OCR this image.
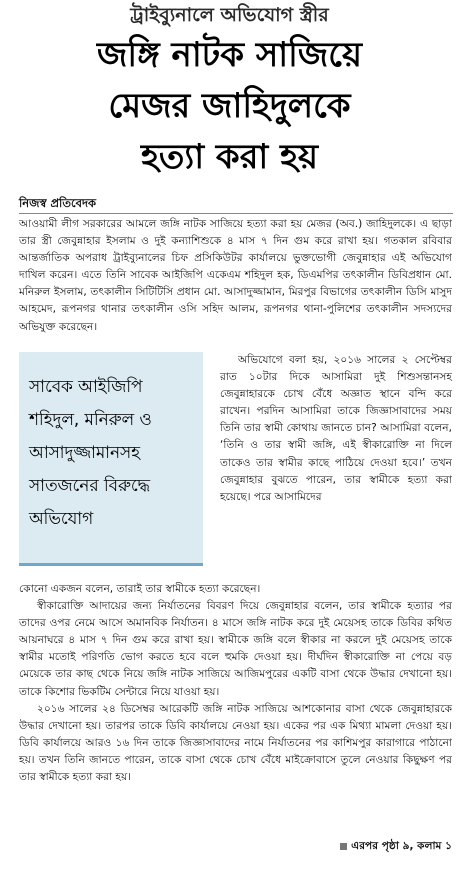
ট্রাইব্যুনালে অভিযোগ স্ত্রীর
জঙ্গি নাটক সাজিয়ে
মেজর জাহিদুলকে
হত্যা করা হয়
নিজস্ব প্রতিবেদক

আওয়ামী লীগ সরকারের আমলে জঙ্গি নাটক সাজিয়ে হত্যা করা হয় মেজর (অব.) জাহিদুলকে। এ ছাড়া তার স্ত্রী জেবুন্নাহার ইসলাম ও দুই কন্যাশিশুকে ৪ মাস ৭ দিন গুম করে রাখা হয়। গতকাল রবিবার আন্তর্জাতিক অপরাধ ট্রাইব্যুনালের চিফ প্রসিকিউটর কার্যালয়ে ভুক্তভোগী জেবুন্নাহার এই অভিযোগ দাখিল করেন। এতে তিনি সাবেক আইজিপি একেএম শহিদুল হক, ডিএমপির তৎকালীন ডিবিপ্রধান মো. মনিরুল ইসলাম, তৎকালীন সিটিটিসি প্রধান মো. আসাদুজ্জামান, মিরপুর বিভাগের তৎকালীন ডিসি মাসুদ আহমেদ, রূপনগর থানার তৎকালীন ওসি সহিদ আলম, রূপনগর থানা-পুলিশের তৎকালীন সদস্যদের অভিযুক্ত করেছেন।

সাবেক আইজিপি
শহিদুল, মনিরুল ও
আসাদুজ্জামানসহ
সাতজনের বিরুদ্ধে
অভিযোগ

অভিযোগে বলা হয়, ২০১৬ সালের ২ সেপ্টেম্বর রাত ১০টার দিকে আসামিরা দুই শিশুসন্তানসহ জেবুন্নাহারকে চোখ বেঁধে অজ্ঞাত স্থানে বন্দি করে রাখেন। পরদিন আসামিরা তাকে জিজ্ঞাসাবাদের সময় তিনি তার স্বামী কোথায় জানতে চান? আসামিরা বলেন, ‘তিনি ও তার স্বামী জঙ্গি, এই স্বীকারোক্তি না দিলে তাকেও তার স্বামীর কাছে পাঠিয়ে দেওয়া হবে।’ তখন জেবুন্নাহার বুঝতে পারেন, তার স্বামীকে হত্যা করা হয়েছে। পরে আসামিদের

কোনো একজন বলেন, তারাই তার স্বামীকে হত্যা করেছেন।

স্বীকারোক্তি আদায়ের জন্য নির্যাতনের বিবরণ দিয়ে জেবুন্নাহার বলেন, তার স্বামীকে হত্যার পর তাদের ওপর নেমে আসে অমানবিক নির্যাতন। ৪ মাসে জঙ্গি নাটক করে দুই মেয়েসহ তাকে ডিবির কথিত আয়নাঘরে ৪ মাস ৭ দিন গুম করে রাখা হয়। স্বামীকে জঙ্গি বলে স্বীকার না করলে দুই মেয়েসহ তাকে স্বামীর মতোই পরিণতি ভোগ করতে হবে বলে হুমকি দেওয়া হয়। দীর্ঘদিন স্বীকারোক্তি না পেয়ে বড় মেয়েকে তার কাছ থেকে নিয়ে জঙ্গি নাটক সাজিয়ে আজিমপুরের একটি বাসা থেকে উদ্ধার দেখানো হয়। তাকে কিশোর ভিকটিম সেন্টারে নিয়ে যাওয়া হয়।

২০১৬ সালের ২৪ ডিসেম্বর আরেকটি জঙ্গি নাটক সাজিয়ে আশকোনার বাসা থেকে জেবুন্নাহারকে উদ্ধার দেখানো হয়। তারপর তাকে ডিবি কার্যালয়ে নেওয়া হয়। একের পর এক মিথ্যা মামলা দেওয়া হয়। ডিবি কার্যালয়ে আরও ১৬ দিন তাকে জিজ্ঞাসাবাদের নামে নির্যাতনের পর কাশিমপুর কারাগারে পাঠানো হয়। তখন তিনি জানতে পারেন, তাকে বাসা থেকে চোখ বেঁধে মাইক্রোবাসে তুলে নেওয়ার কিছুক্ষণ পর তার স্বামীকে হত্যা করা হয়।

এরপর পৃষ্ঠা ৯, কলাম ১
